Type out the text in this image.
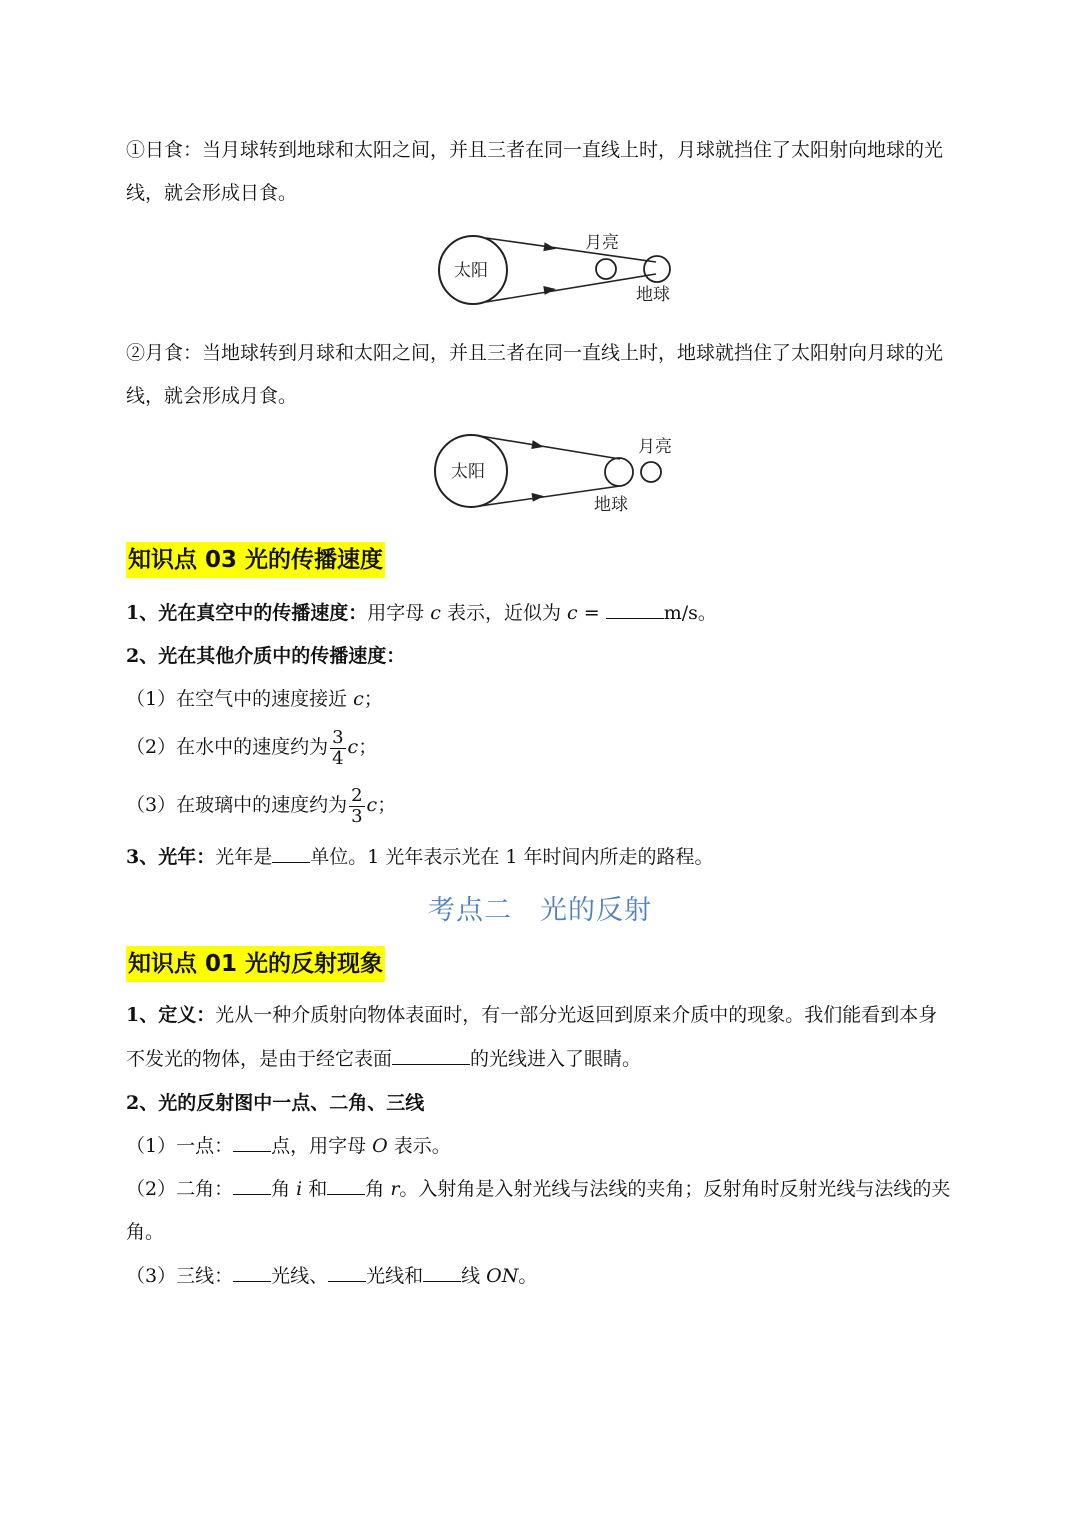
①日食：当月球转到地球和太阳之间，并且三者在同一直线上时，月球就挡住了太阳射向地球的光
线，就会形成日食。
太阳
月亮
地球
②月食：当地球转到月球和太阳之间，并且三者在同一直线上时，地球就挡住了太阳射向月球的光
线，就会形成月食。
太阳
月亮
地球
知识点 03 光的传播速度
1、光在真空中的传播速度：用字母 c 表示，近似为 c =	m/s。
2、光在其他介质中的传播速度：
（1）在空气中的速度接近 c；
（2）在水中的速度约为 $\frac{3}{4}$ c；
（3）在玻璃中的速度约为 $\frac{2}{3}$ c；
3、光年：光年是 单位。1 光年表示光在 1 年时间内所走的路程。
考点二　光的反射
知识点 01 光的反射现象
1、定义：光从一种介质射向物体表面时，有一部分光返回到原来介质中的现象。我们能看到本身
不发光的物体，是由于经它表面	的光线进入了眼睛。
2、光的反射图中一点、二角、三线
（1）一点： 点，用字母 O 表示。
（2）二角： 角 i 和 角 r。入射角是入射光线与法线的夹角；反射角时反射光线与法线的夹
角。
（3）三线： 光线、 光线和 线 ON。
